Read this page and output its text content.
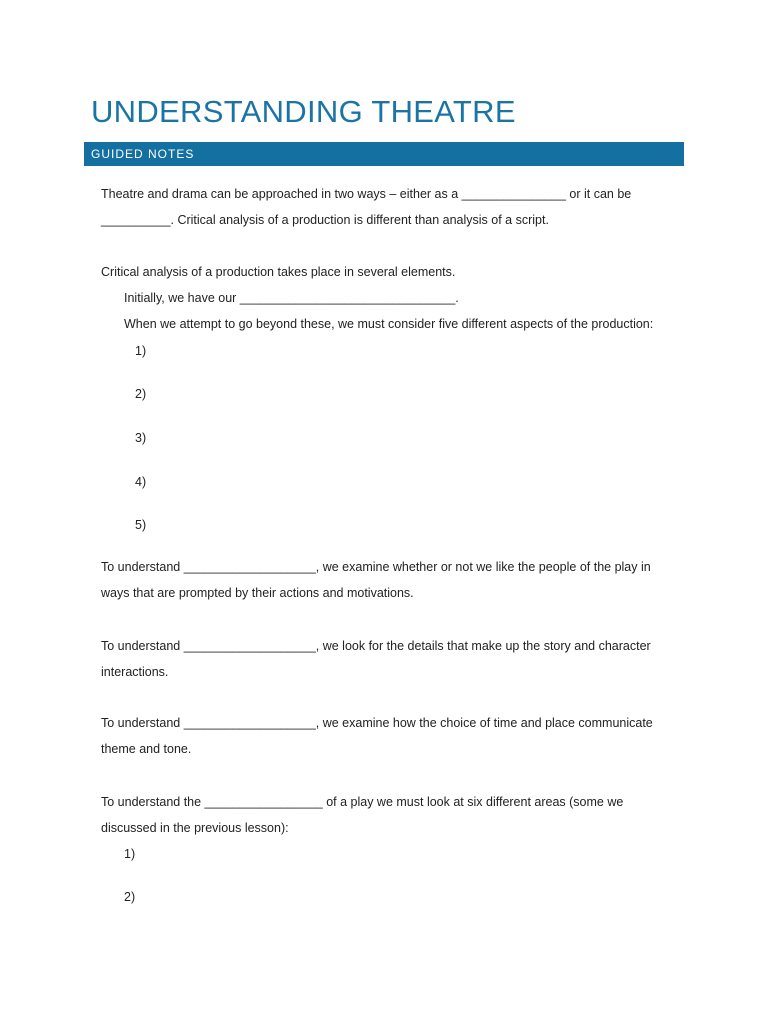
UNDERSTANDING THEATRE
GUIDED NOTES
Theatre and drama can be approached in two ways – either as a _______________ or it can be
__________. Critical analysis of a production is different than analysis of a script.
Critical analysis of a production takes place in several elements.
Initially, we have our _______________________________.
When we attempt to go beyond these, we must consider five different aspects of the production:
1)
2)
3)
4)
5)
To understand ___________________, we examine whether or not we like the people of the play in
ways that are prompted by their actions and motivations.
To understand ___________________, we look for the details that make up the story and character
interactions.
To understand ___________________, we examine how the choice of time and place communicate
theme and tone.
To understand the _________________ of a play we must look at six different areas (some we
discussed in the previous lesson):
1)
2)
